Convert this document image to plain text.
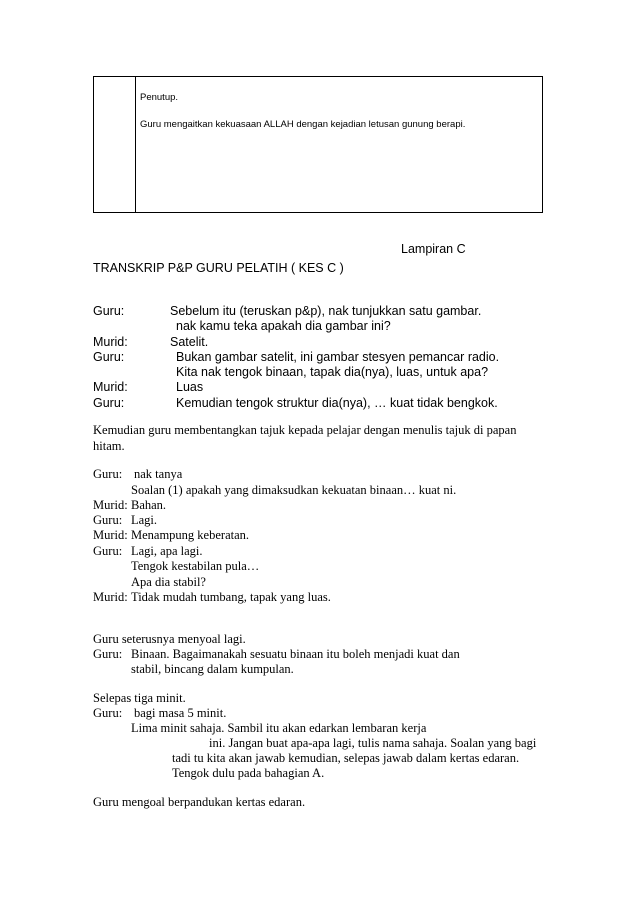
Penutup.
Guru mengaitkan kekuasaan ALLAH dengan kejadian letusan gunung berapi.
Lampiran C
TRANSKRIP P&P GURU PELATIH ( KES C )
Guru:	Sebelum itu (teruskan p&p), nak tunjukkan satu gambar.
nak kamu teka apakah dia gambar ini?
Murid:	Satelit.
Guru:	Bukan gambar satelit, ini gambar stesyen pemancar radio.
Kita nak tengok binaan, tapak dia(nya), luas, untuk apa?
Murid:	Luas
Guru:	Kemudian tengok struktur dia(nya), … kuat tidak bengkok.
Kemudian guru membentangkan tajuk kepada pelajar dengan menulis tajuk di papan
hitam.
Guru: nak tanya
Soalan (1) apakah yang dimaksudkan kekuatan binaan… kuat ni.
Murid: Bahan.
Guru: Lagi.
Murid: Menampung keberatan.
Guru: Lagi, apa lagi.
Tengok kestabilan pula…
Apa dia stabil?
Murid: Tidak mudah tumbang, tapak yang luas.
Guru seterusnya menyoal lagi.
Guru: Binaan. Bagaimanakah sesuatu binaan itu boleh menjadi kuat dan
stabil, bincang dalam kumpulan.
Selepas tiga minit.
Guru: bagi masa 5 minit.
Lima minit sahaja. Sambil itu akan edarkan lembaran kerja
ini. Jangan buat apa-apa lagi, tulis nama sahaja. Soalan yang bagi
tadi tu kita akan jawab kemudian, selepas jawab dalam kertas edaran.
Tengok dulu pada bahagian A.
Guru mengoal berpandukan kertas edaran.
